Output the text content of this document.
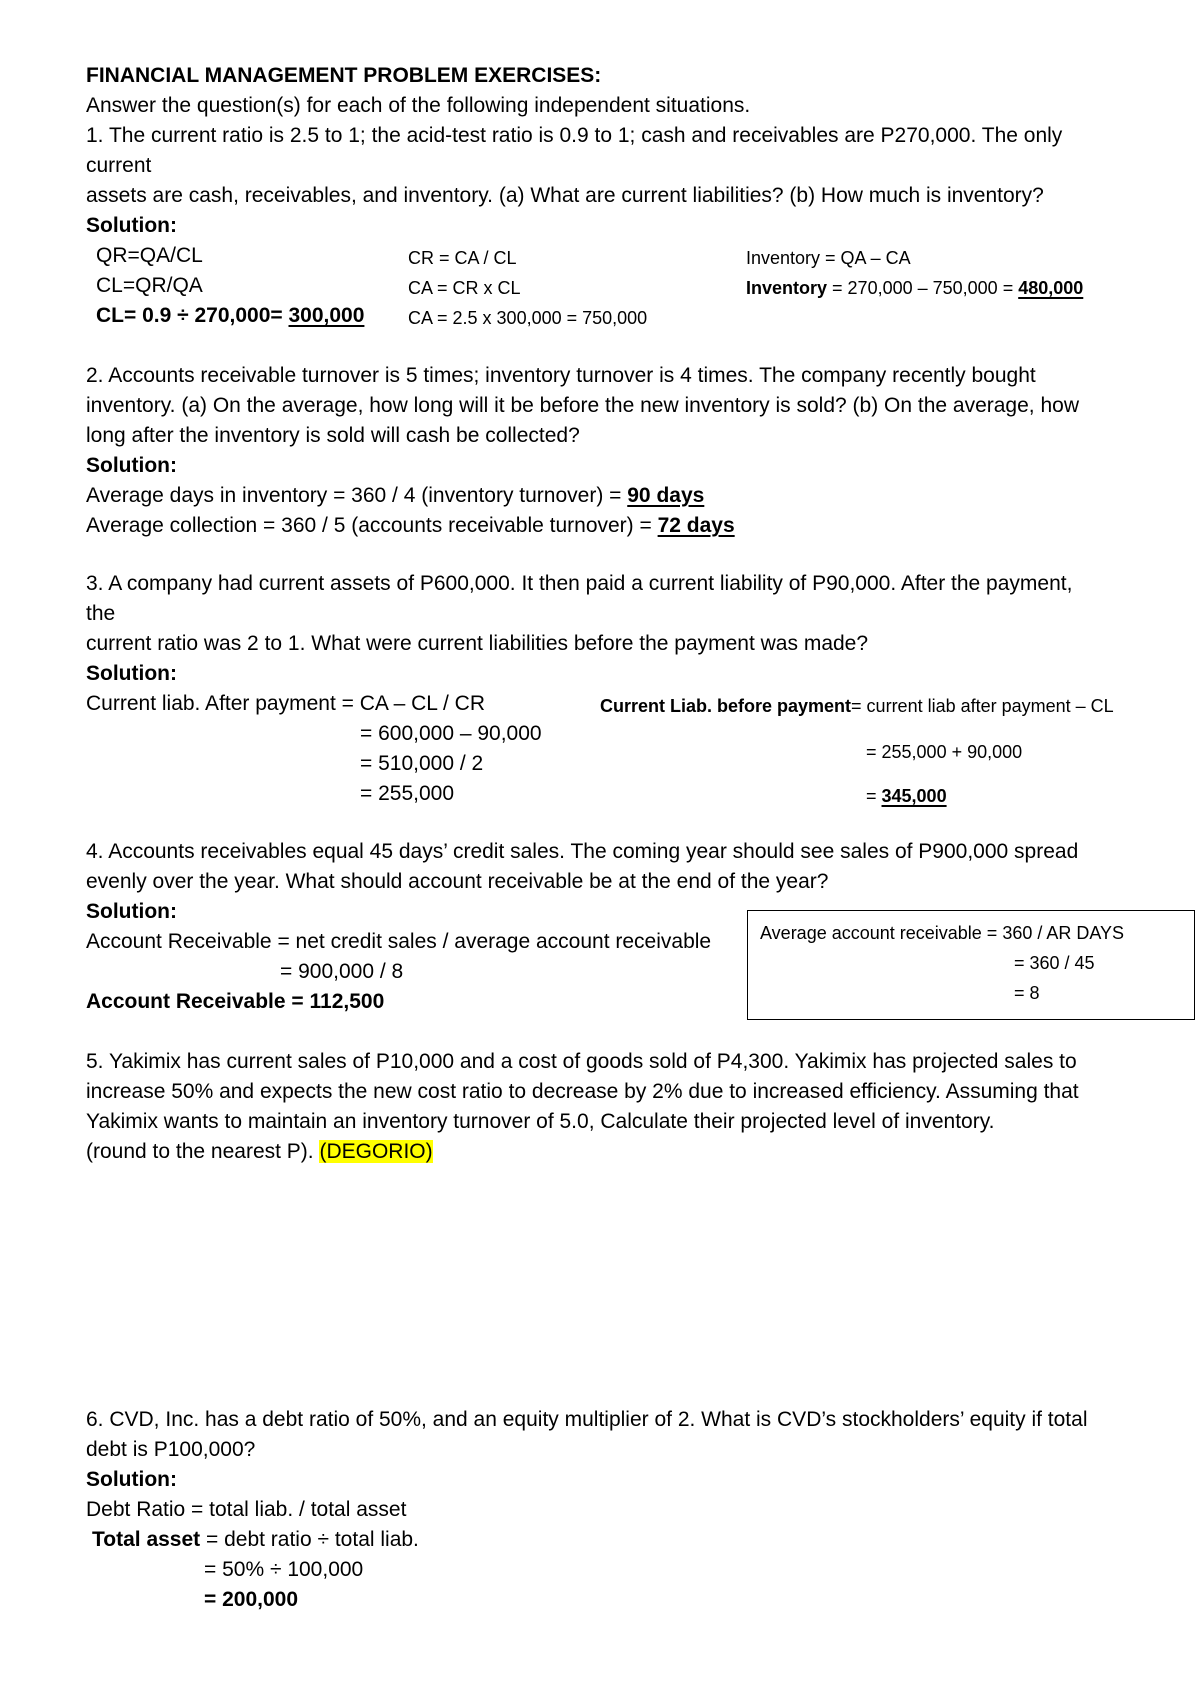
FINANCIAL MANAGEMENT PROBLEM EXERCISES:
Answer the question(s) for each of the following independent situations.
1. The current ratio is 2.5 to 1; the acid-test ratio is 0.9 to 1; cash and receivables are P270,000. The only
current
assets are cash, receivables, and inventory. (a) What are current liabilities? (b) How much is inventory?
Solution:
QR=QA/CL
CL=QR/QA
CL= 0.9 ÷ 270,000= 300,000
CR = CA / CL
CA = CR x CL
CA = 2.5 x 300,000 = 750,000
Inventory = QA – CA
Inventory = 270,000 – 750,000 = 480,000
2. Accounts receivable turnover is 5 times; inventory turnover is 4 times. The company recently bought
inventory. (a) On the average, how long will it be before the new inventory is sold? (b) On the average, how
long after the inventory is sold will cash be collected?
Solution:
Average days in inventory = 360 / 4 (inventory turnover) = 90 days
Average collection = 360 / 5 (accounts receivable turnover) = 72 days
3. A company had current assets of P600,000. It then paid a current liability of P90,000. After the payment,
the
current ratio was 2 to 1. What were current liabilities before the payment was made?
Solution:
Current liab. After payment = CA – CL / CR
= 600,000 – 90,000
= 510,000 / 2
= 255,000
Current Liab. before payment= current liab after payment – CL
= 255,000 + 90,000
= 345,000
4. Accounts receivables equal 45 days’ credit sales. The coming year should see sales of P900,000 spread
evenly over the year. What should account receivable be at the end of the year?
Solution:
Account Receivable = net credit sales / average account receivable
= 900,000 / 8
Account Receivable = 112,500
Average account receivable = 360 / AR DAYS
= 360 / 45
= 8
5. Yakimix has current sales of P10,000 and a cost of goods sold of P4,300. Yakimix has projected sales to
increase 50% and expects the new cost ratio to decrease by 2% due to increased efficiency. Assuming that
Yakimix wants to maintain an inventory turnover of 5.0, Calculate their projected level of inventory.
(round to the nearest P). (DEGORIO)
6. CVD, Inc. has a debt ratio of 50%, and an equity multiplier of 2. What is CVD’s stockholders’ equity if total
debt is P100,000?
Solution:
Debt Ratio = total liab. / total asset
Total asset = debt ratio ÷ total liab.
= 50% ÷ 100,000
= 200,000
